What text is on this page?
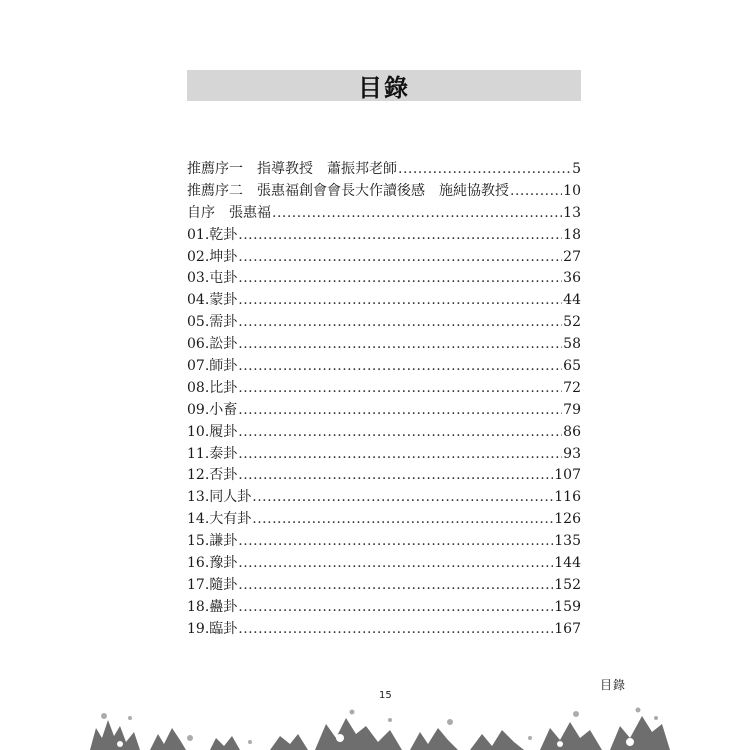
目錄
推薦序一　指導教授　蕭振邦老師 .....	5
推薦序二　張惠福創會會長大作讀後感　施純協教授 .....	10
自序　張惠福 .....	13
01.乾卦 .....	18
02.坤卦 .....	27
03.屯卦 .....	36
04.蒙卦 .....	44
05.需卦 .....	52
06.訟卦 .....	58
07.師卦 .....	65
08.比卦 .....	72
09.小畜 .....	79
10.履卦 .....	86
11.泰卦 .....	93
12.否卦 .....	107
13.同人卦 .....	116
14.大有卦 .....	126
15.謙卦 .....	135
16.豫卦 .....	144
17.隨卦 .....	152
18.蠱卦 .....	159
19.臨卦 .....	167
目錄
15
